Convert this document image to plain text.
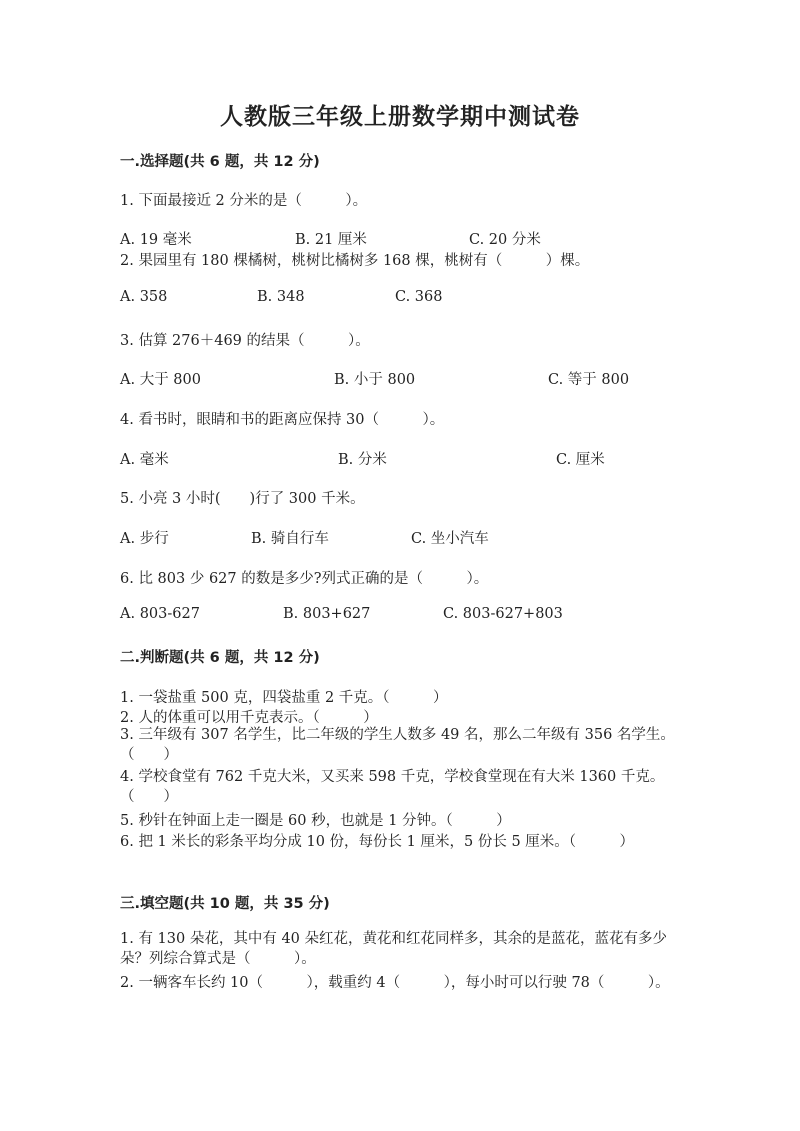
人教版三年级上册数学期中测试卷
一.选择题(共 6 题，共 12 分)
1. 下面最接近 2 分米的是（　　　）。
A. 19 毫米	B. 21 厘米	C. 20 分米
2. 果园里有 180 棵橘树，桃树比橘树多 168 棵，桃树有（　　　）棵。
A. 358	B. 348	C. 368
3. 估算 276＋469 的结果（　　　）。
A. 大于 800	B. 小于 800	C. 等于 800
4. 看书时，眼睛和书的距离应保持 30（　　　）。
A. 毫米	B. 分米	C. 厘米
5. 小亮 3 小时(　　)行了 300 千米。
A. 步行	B. 骑自行车	C. 坐小汽车
6. 比 803 少 627 的数是多少?列式正确的是（　　　）。
A. 803-627	B. 803+627	C. 803-627+803
二.判断题(共 6 题，共 12 分)
1. 一袋盐重 500 克，四袋盐重 2 千克。（　　　）
2. 人的体重可以用千克表示。（　　　）
3. 三年级有 307 名学生，比二年级的学生人数多 49 名，那么二年级有 356 名学生。（　　）
4. 学校食堂有 762 千克大米，又买来 598 千克，学校食堂现在有大米 1360 千克。（　　）
5. 秒针在钟面上走一圈是 60 秒，也就是 1 分钟。（　　　）
6. 把 1 米长的彩条平均分成 10 份，每份长 1 厘米，5 份长 5 厘米。（　　　）
三.填空题(共 10 题，共 35 分)
1. 有 130 朵花，其中有 40 朵红花，黄花和红花同样多，其余的是蓝花，蓝花有多少朵？列综合算式是（　　　）。
2. 一辆客车长约 10（　　　），载重约 4（　　　），每小时可以行驶 78（　　　）。
